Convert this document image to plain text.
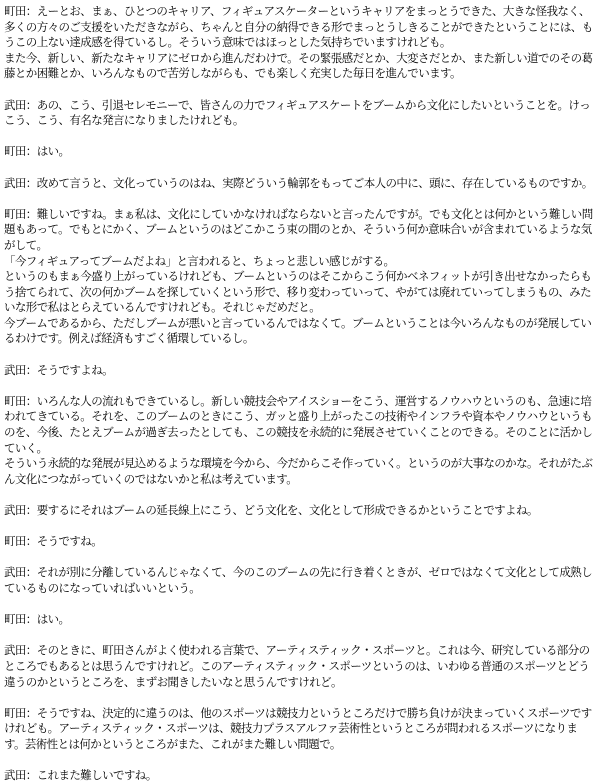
町田：えーとお、まぁ、ひとつのキャリア、フィギュアスケーターというキャリアをまっとうできた、大きな怪我なく、多くの方々のご支援をいただきながら、ちゃんと自分の納得できる形でまっとうしきることができたということには、もうこの上ない達成感を得ているし。そういう意味ではほっとした気持ちでいますけれども。
また今、新しい、新たなキャリアにゼロから進んだわけで。その緊張感だとか、大変さだとか、また新しい道でのその葛藤とか困難とか、いろんなもので苦労しながらも、でも楽しく充実した毎日を進んでいます。

武田：あの、こう、引退セレモニーで、皆さんの力でフィギュアスケートをブームから文化にしたいということを。けっこう、こう、有名な発言になりましたけれども。

町田：はい。

武田：改めて言うと、文化っていうのはね、実際どういう輪郭をもってご本人の中に、頭に、存在しているものですか。

町田：難しいですね。まぁ私は、文化にしていかなければならないと言ったんですが。でも文化とは何かという難しい問題もあって。でもとにかく、ブームというのはどこかこう束の間のとか、そういう何か意味合いが含まれているような気がして。
「今フィギュアってブームだよね」と言われると、ちょっと悲しい感じがする。
というのもまぁ今盛り上がっているけれども、ブームというのはそこからこう何かベネフィットが引き出せなかったらもう捨てられて、次の何かブームを探していくという形で、移り変わっていって、やがては廃れていってしまうもの、みたいな形で私はとらえているんですけれども。それじゃだめだと。
今ブームであるから、ただしブームが悪いと言っているんではなくて。ブームということは今いろんなものが発展しているわけです。例えば経済もすごく循環しているし。

武田：そうですよね。

町田：いろんな人の流れもできているし。新しい競技会やアイスショーをこう、運営するノウハウというのも、急速に培われてきている。それを、このブームのときにこう、ガッと盛り上がったこの技術やインフラや資本やノウハウというものを、今後、たとえブームが過ぎ去ったとしても、この競技を永続的に発展させていくことのできる。そのことに活かしていく。
そういう永続的な発展が見込めるような環境を今から、今だからこそ作っていく。というのが大事なのかな。それがたぶん文化につながっていくのではないかと私は考えています。

武田：要するにそれはブームの延長線上にこう、どう文化を、文化として形成できるかということですよね。

町田：そうですね。

武田：それが別に分離しているんじゃなくて、今のこのブームの先に行き着くときが、ゼロではなくて文化として成熟しているものになっていればいいという。

町田：はい。

武田：そのときに、町田さんがよく使われる言葉で、アーティスティック・スポーツと。これは今、研究している部分のところでもあるとは思うんですけれど。このアーティスティック・スポーツというのは、いわゆる普通のスポーツとどう違うのかというところを、まずお聞きしたいなと思うんですけれど。

町田：そうですね、決定的に違うのは、他のスポーツは競技力というところだけで勝ち負けが決まっていくスポーツですけれども。アーティスティック・スポーツは、競技力プラスアルファ芸術性というところが問われるスポーツになります。芸術性とは何かというところがまた、これがまた難しい問題で。

武田：これまた難しいですね。
